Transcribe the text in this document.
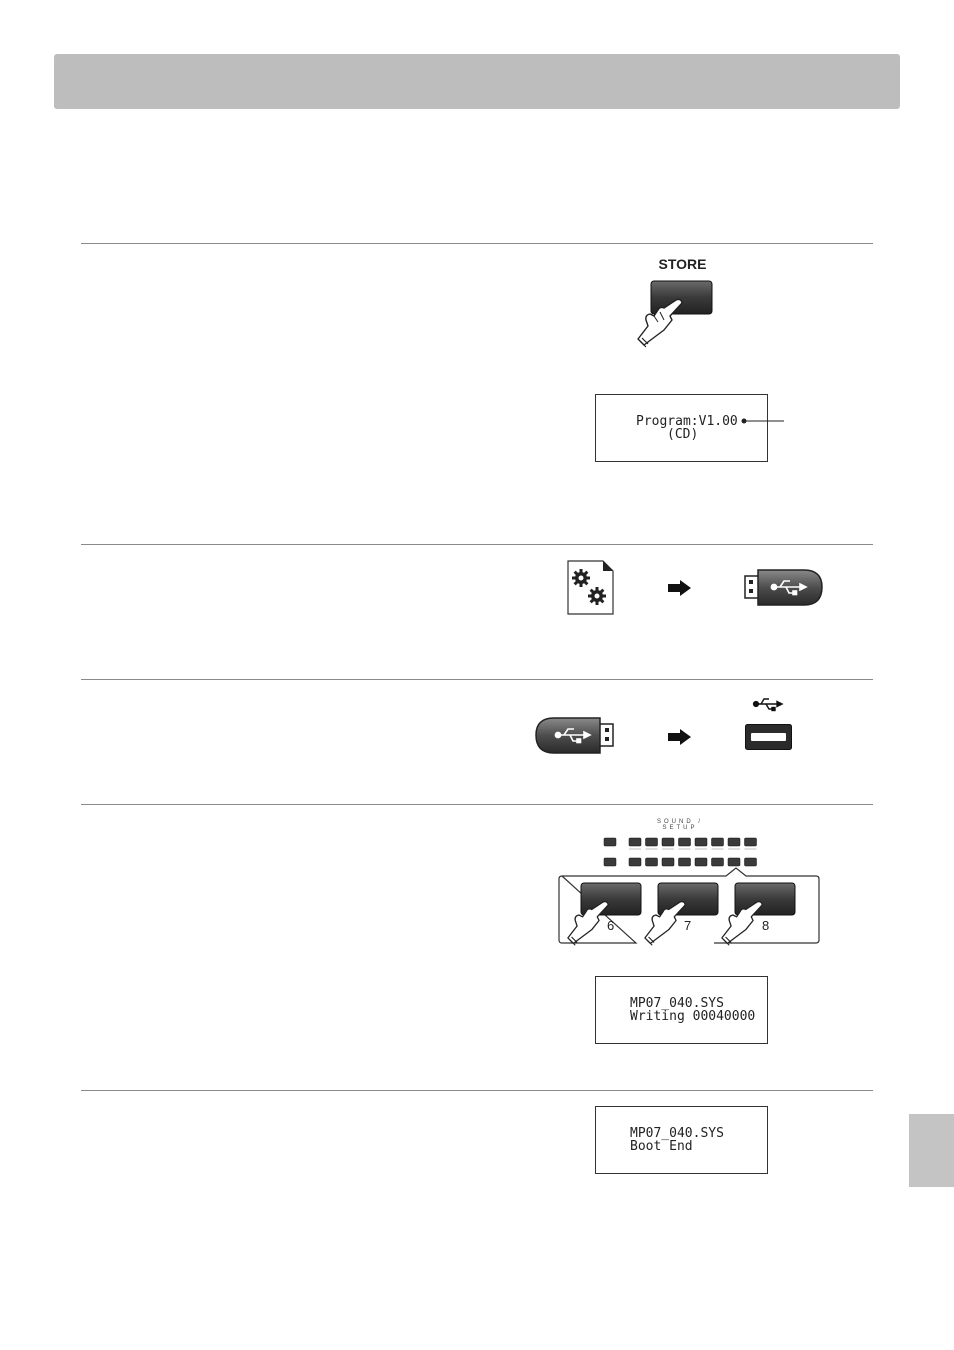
STORE
Program:V1.00
(CD)
SOUND / SETUP
6	7	8
MP07_040.SYS
Writing 00040000
MP07_040.SYS
Boot End
